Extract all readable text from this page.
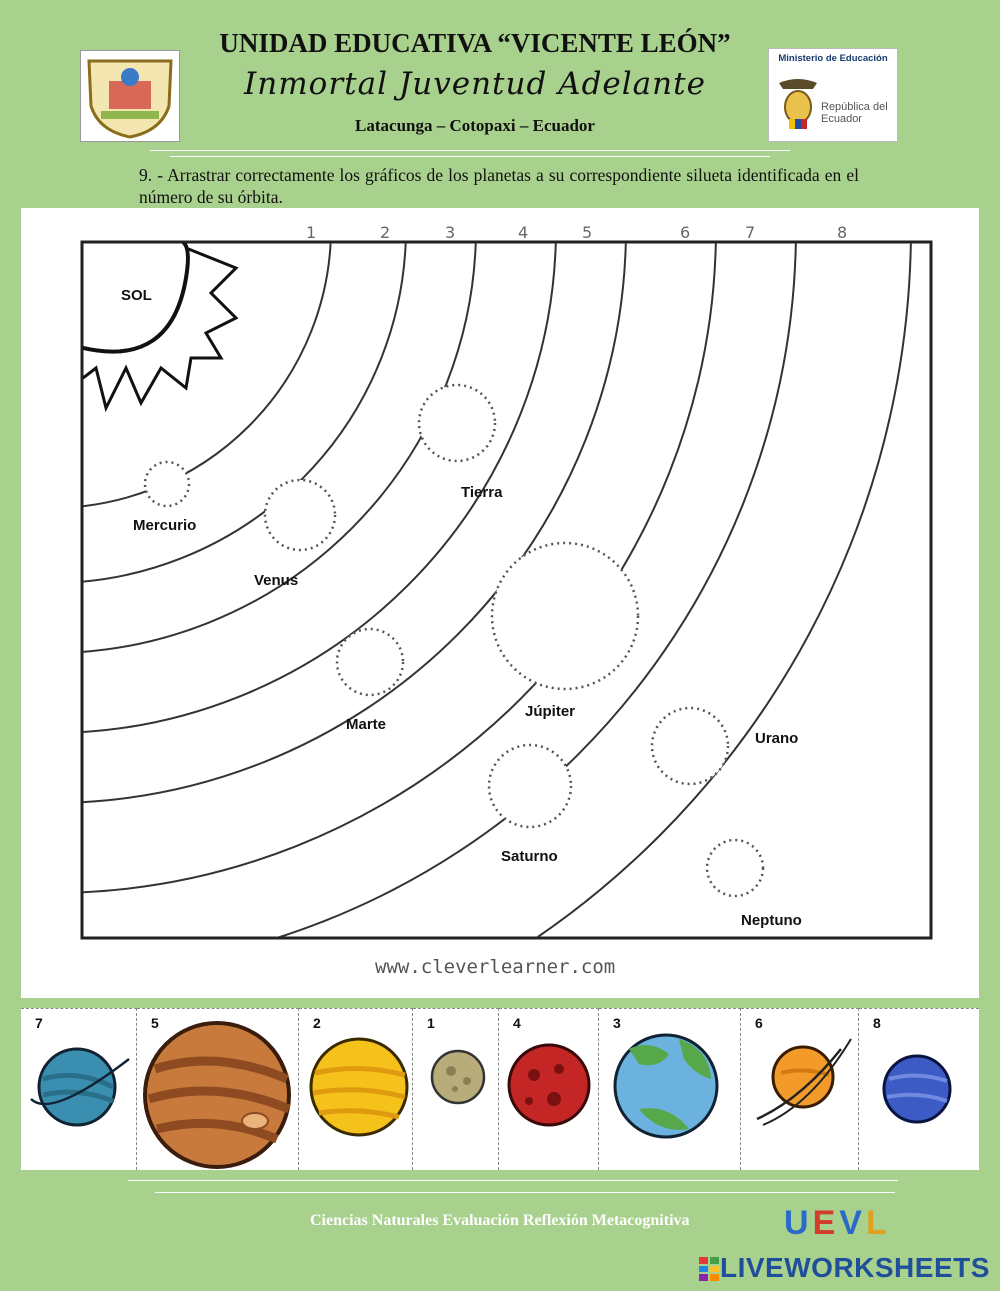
UNIDAD EDUCATIVA “VICENTE LEÓN”
Inmortal Juventud Adelante
Latacunga – Cotopaxi – Ecuador
Ministerio de Educación
República del Ecuador
9. - Arrastrar correctamente los gráficos de los planetas a su correspondiente silueta identificada en el número de su órbita.
1	2	3	4	5	6	7	8
SOL
Mercurio
Venus
Tierra
Marte
Júpiter
Saturno
Urano
Neptuno
www.cleverlearner.com
7	5	2	1	4	3	6	8
Ciencias Naturales Evaluación Reflexión Metacognitiva	UEVL
LIVEWORKSHEETS
